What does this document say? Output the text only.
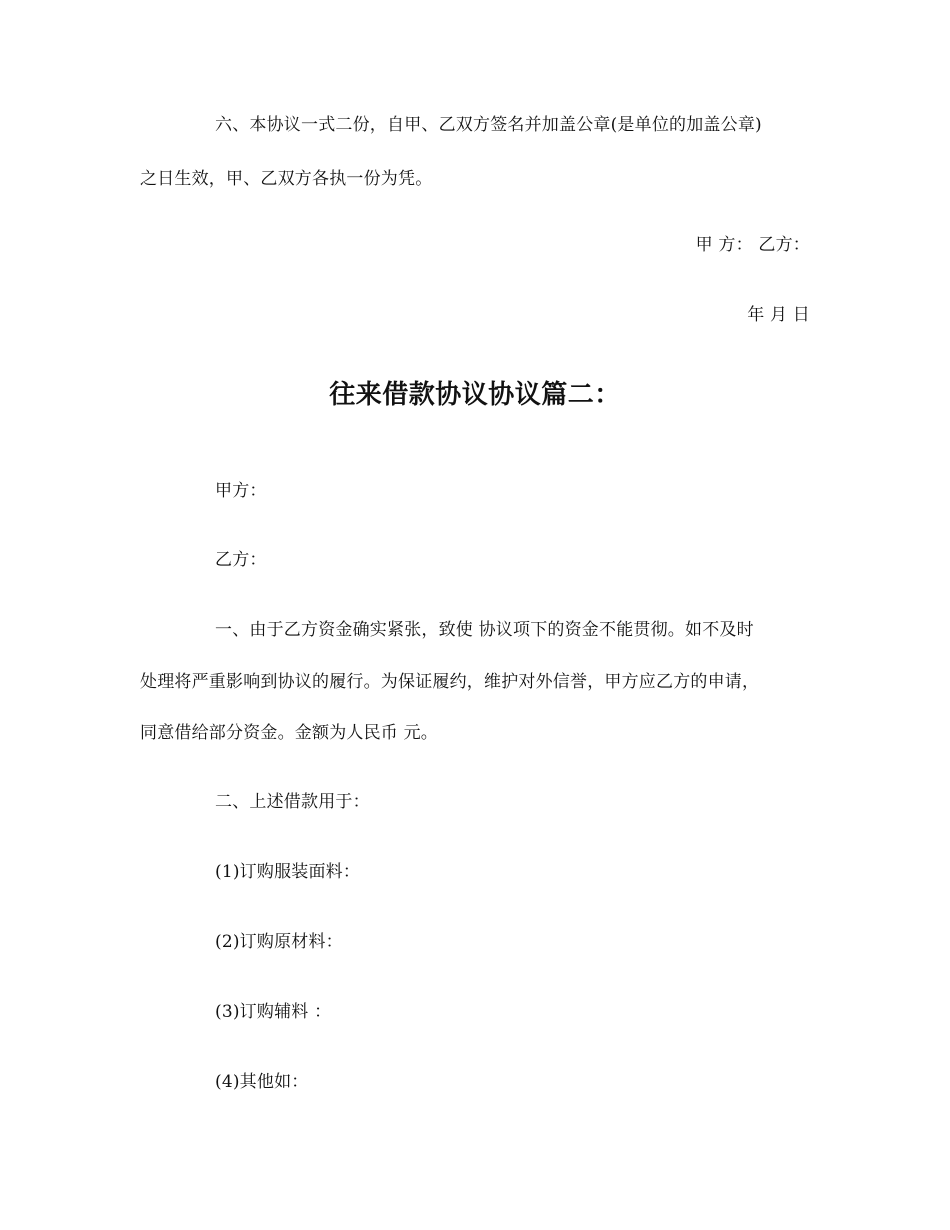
六、本协议一式二份，自甲、乙双方签名并加盖公章(是单位的加盖公章)
之日生效，甲、乙双方各执一份为凭。
甲 方： 乙方：
年 月 日
往来借款协议协议篇二：
甲方：
乙方：
一、由于乙方资金确实紧张，致使 协议项下的资金不能贯彻。如不及时
处理将严重影响到协议的履行。为保证履约，维护对外信誉，甲方应乙方的申请，
同意借给部分资金。金额为人民币 元。
二、上述借款用于：
(1)订购服装面料：
(2)订购原材料：
(3)订购辅料 ：
(4)其他如：
